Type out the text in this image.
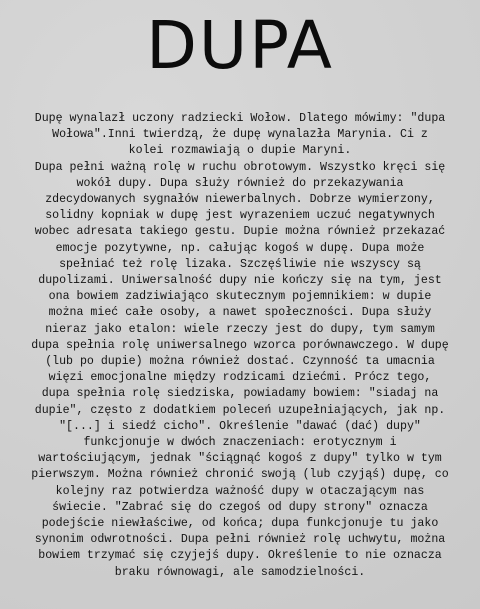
DUPA
Dupę wynalazł uczony radziecki Wołow. Dlatego mówimy: "dupa
Wołowa".Inni twierdzą, że dupę wynalazła Marynia. Ci z
kolei rozmawiają o dupie Maryni.
Dupa pełni ważną rolę w ruchu obrotowym. Wszystko kręci się
wokół dupy. Dupa służy również do przekazywania
zdecydowanych sygnałów niewerbalnych. Dobrze wymierzony,
solidny kopniak w dupę jest wyrazeniem uczuć negatywnych
wobec adresata takiego gestu. Dupie można również przekazać
emocje pozytywne, np. całując kogoś w dupę. Dupa może
spełniać też rolę lizaka. Szczęśliwie nie wszyscy są
dupolizami. Uniwersalność dupy nie kończy się na tym, jest
ona bowiem zadziwiająco skutecznym pojemnikiem: w dupie
można mieć całe osoby, a nawet społeczności. Dupa służy
nieraz jako etalon: wiele rzeczy jest do dupy, tym samym
dupa spełnia rolę uniwersalnego wzorca porównawczego. W dupę
(lub po dupie) można również dostać. Czynność ta umacnia
więzi emocjonalne między rodzicami dziećmi. Prócz tego,
dupa spełnia rolę siedziska, powiadamy bowiem: "siadaj na
dupie", często z dodatkiem poleceń uzupełniających, jak np.
"[...] i siedź cicho". Określenie "dawać (dać) dupy"
funkcjonuje w dwóch znaczeniach: erotycznym i
wartościującym, jednak "ściągnąć kogoś z dupy" tylko w tym
pierwszym. Można również chronić swoją (lub czyjąś) dupę, co
kolejny raz potwierdza ważność dupy w otaczającym nas
świecie. "Zabrać się do czegoś od dupy strony" oznacza
podejście niewłaściwe, od końca; dupa funkcjonuje tu jako
synonim odwrotności. Dupa pełni również rolę uchwytu, można
bowiem trzymać się czyjejś dupy. Określenie to nie oznacza
braku równowagi, ale samodzielności.
